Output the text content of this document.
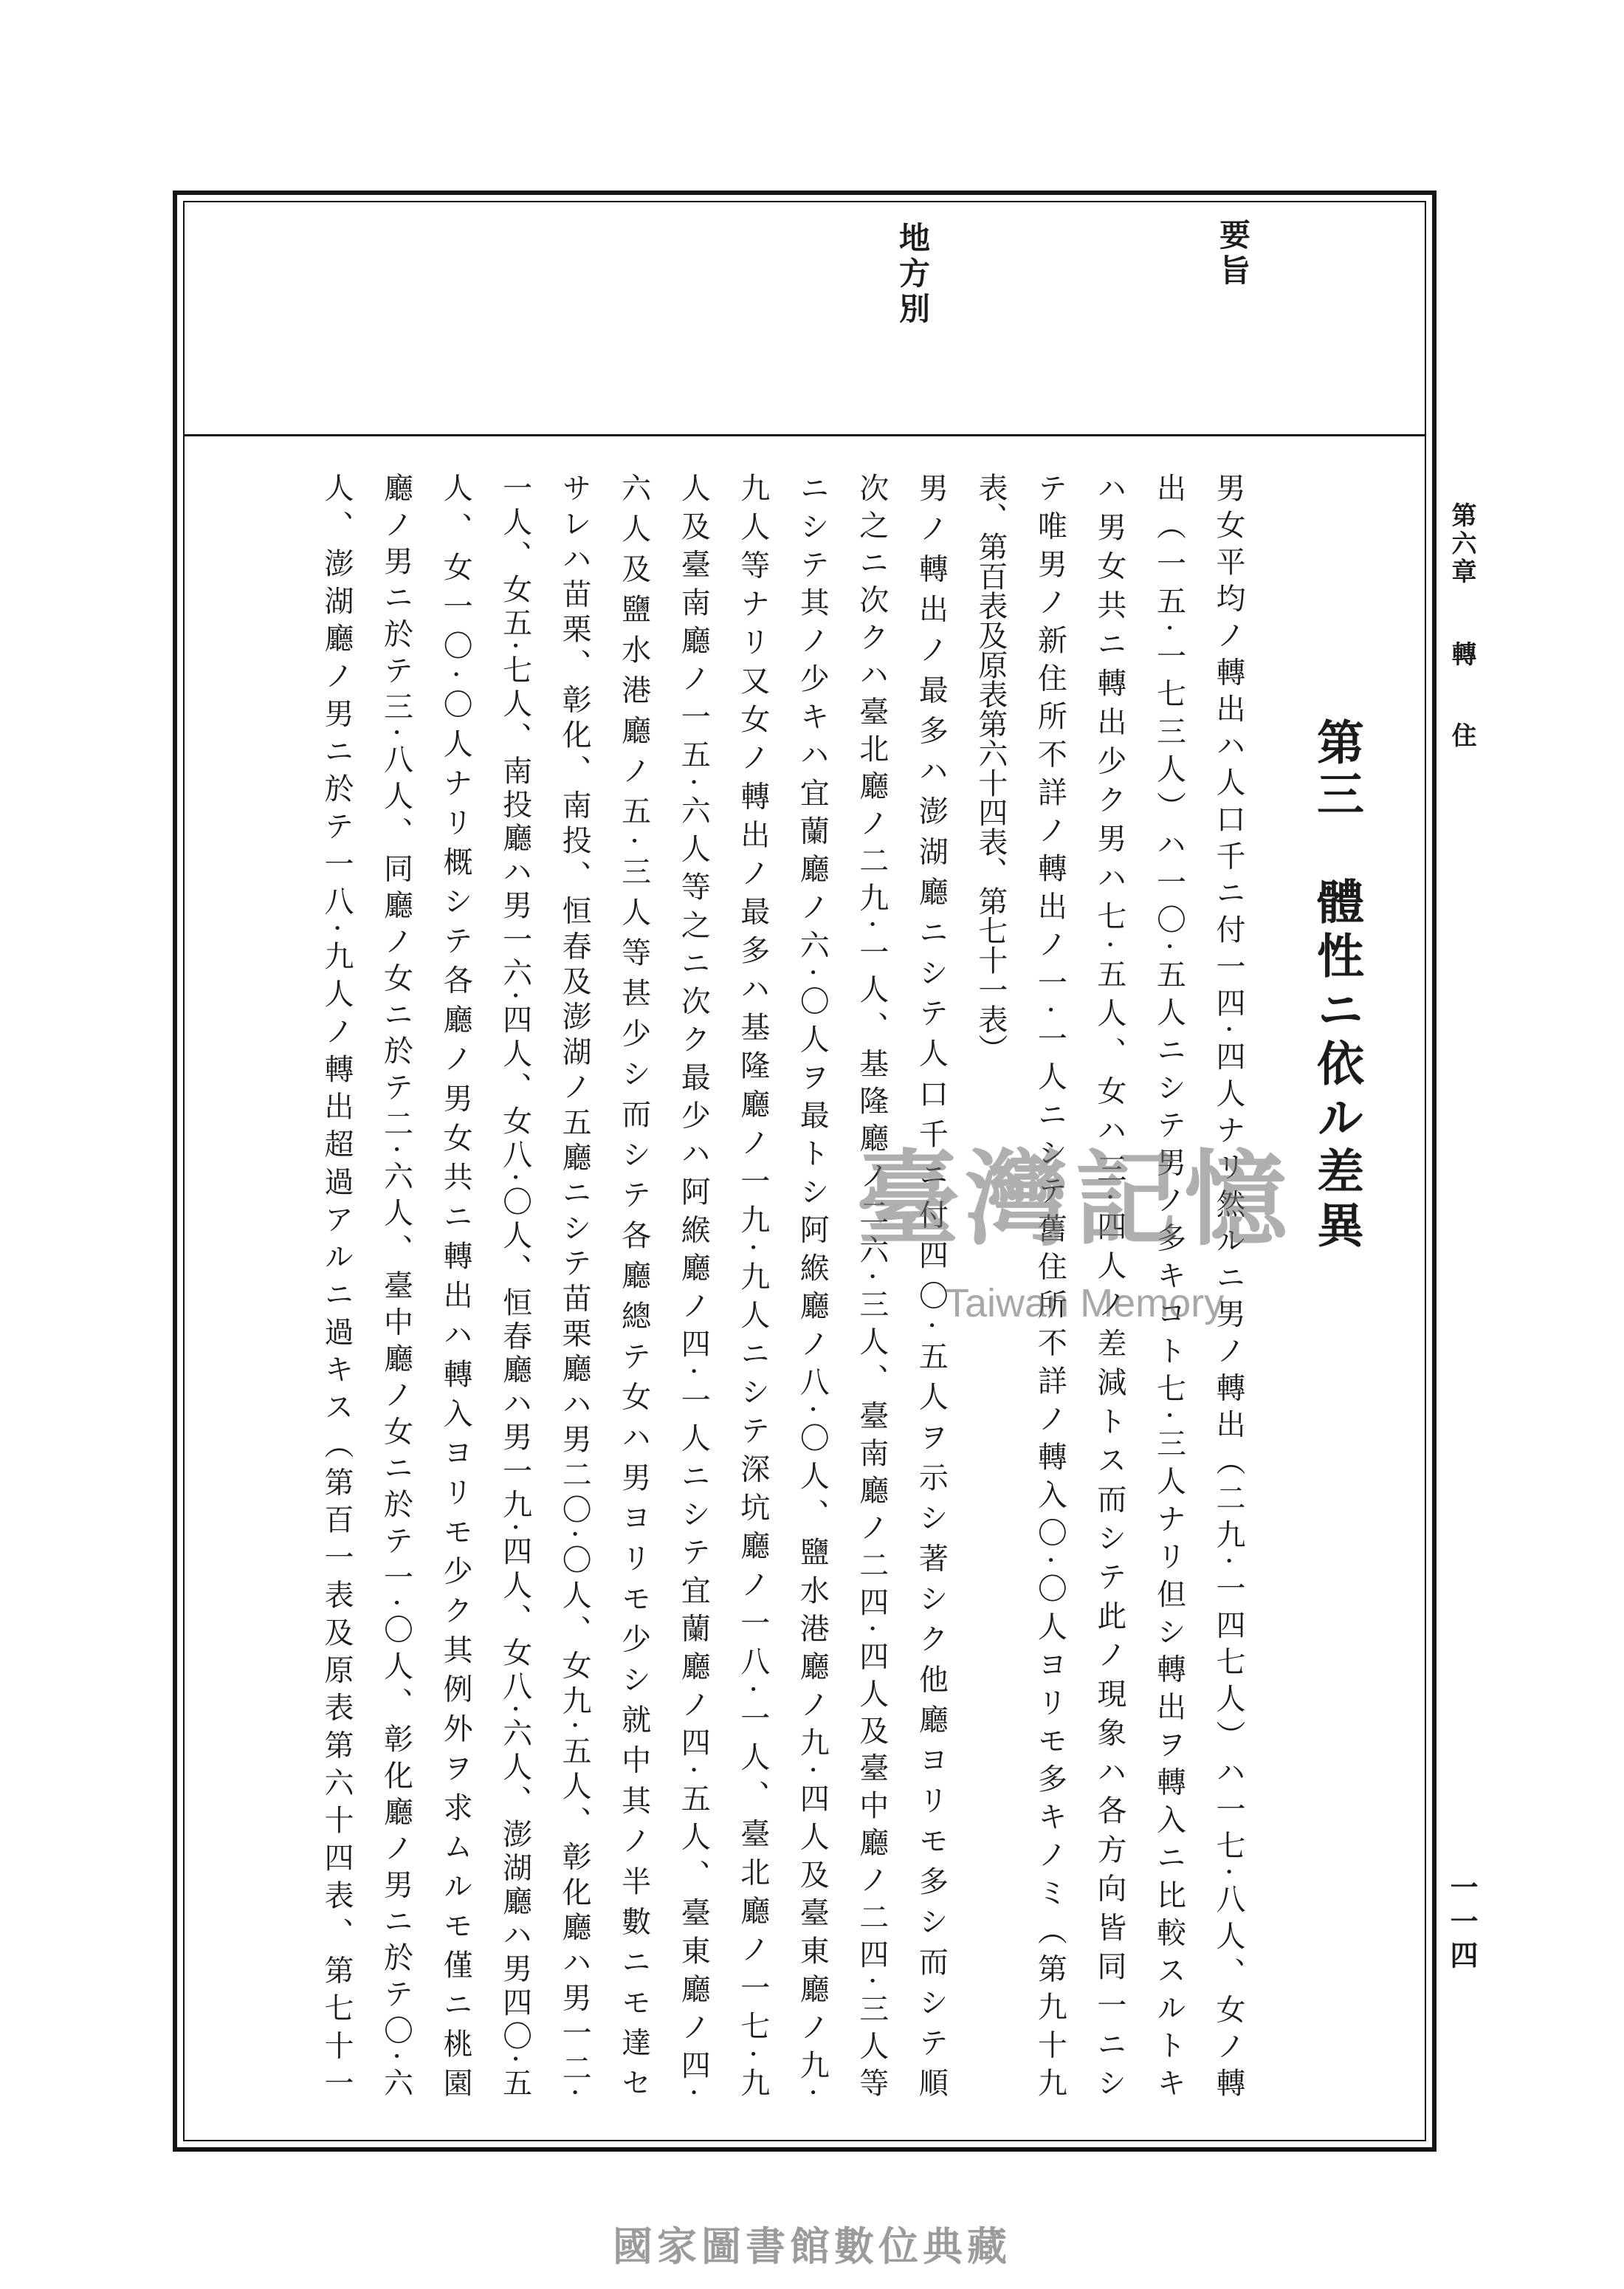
第六章轉住
一一四
要旨
地方別
第三體性ニ依ル差異
男女平均ノ轉出ハ人口千ニ付一四·四人ナリ然ルニ男ノ轉出（二九·一四七人）ハ一七·八人、女ノ轉
出（一五·一七三人）ハ一〇·五人ニシテ男ノ多キコト七·三人ナリ但シ轉出ヲ轉入ニ比較スルトキ
ハ男女共ニ轉出少ク男ハ七·五人、女ハ三·四人ノ差減トス而シテ此ノ現象ハ各方向皆同一ニシ
テ唯男ノ新住所不詳ノ轉出ノ一·一人ニシテ舊住所不詳ノ轉入〇·〇人ヨリモ多キノミ（第九十九
表、第百表及原表第六十四表、第七十一表）
男ノ轉出ノ最多ハ澎湖廳ニシテ人口千ニ付四〇·五人ヲ示シ著シク他廳ヨリモ多シ而シテ順
次之ニ次クハ臺北廳ノ二九·一人、基隆廳ノ二六·三人、臺南廳ノ二四·四人及臺中廳ノ二四·三人等
ニシテ其ノ少キハ宜蘭廳ノ六·〇人ヲ最トシ阿緱廳ノ八·〇人、鹽水港廳ノ九·四人及臺東廳ノ九·
九人等ナリ又女ノ轉出ノ最多ハ基隆廳ノ一九·九人ニシテ深坑廳ノ一八·一人、臺北廳ノ一七·九
人及臺南廳ノ一五·六人等之ニ次ク最少ハ阿緱廳ノ四·一人ニシテ宜蘭廳ノ四·五人、臺東廳ノ四·
六人及鹽水港廳ノ五·三人等甚少シ而シテ各廳總テ女ハ男ヨリモ少シ就中其ノ半數ニモ達セ
サレハ苗栗、彰化、南投、恒春及澎湖ノ五廳ニシテ苗栗廳ハ男二〇·〇人、女九·五人、彰化廳ハ男一二·
一人、女五·七人、南投廳ハ男一六·四人、女八·〇人、恒春廳ハ男一九·四人、女八·六人、澎湖廳ハ男四〇·五
人、女一〇·〇人ナリ概シテ各廳ノ男女共ニ轉出ハ轉入ヨリモ少ク其例外ヲ求ムルモ僅ニ桃園
廳ノ男ニ於テ三·八人、同廳ノ女ニ於テ二·六人、臺中廳ノ女ニ於テ一·〇人、彰化廳ノ男ニ於テ〇·六
人、澎湖廳ノ男ニ於テ一八·九人ノ轉出超過アルニ過キス（第百一表及原表第六十四表、第七十一	臺灣記憶
Taiwan Memory
國家圖書館數位典藏
